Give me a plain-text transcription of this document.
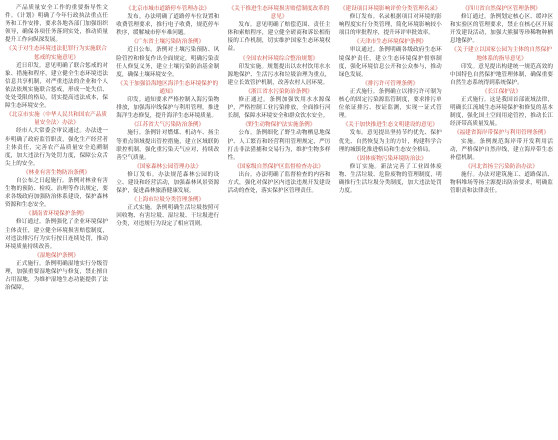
产品质量安全工作的重要指导性文件。《计划》明确了今年行政执法重点任务和工作安排，要求各地各部门加强组织领导，确保各项任务落到实处，推动质量提升工作向纵深发展。

《关于对生态环境违法犯罪行为实施联合惩戒的实施意见》
近日印发。意见明确了联合惩戒的对象、措施和程序，建立健全生态环境违法信息共享机制，对严重违法的企业和个人依法依规实施联合惩戒，形成一处失信、处处受限的格局，切实提高违法成本，保障生态环境安全。

《北京市实施〈中华人民共和国农产品质量安全法〉办法》
经市人大常委会审议通过。办法进一步明确了政府监管职责，强化生产经营者主体责任，完善农产品质量安全追溯制度，加大违法行为处罚力度，保障公众舌尖上的安全。

《林业有害生物防治条例》
自公布之日起施行。条例对林业有害生物的预防、检疫、治理等作出规定，要求各级政府加强防治体系建设，保护森林资源和生态安全。

《湖南省环境保护条例》
修订通过。条例强化了企业环境保护主体责任，建立健全环境损害赔偿制度，对违法排污行为实行按日连续处罚，推动环境质量持续改善。

《湿地保护条例》
正式施行。条例明确湿地实行分级管理，加强重要湿地保护与修复，禁止擅自占用湿地，为维护湿地生态功能提供了法治保障。

《北京市城市道路停车管理办法》
发布。办法明确了道路停车位设置和收费管理要求，推行电子收费，规范停车秩序，缓解城市停车难问题。

《广东省土壤污染防治条例》
近日公布。条例对土壤污染预防、风险管控和修复作出全面规定，明确污染责任人修复义务，建立土壤污染防治基金制度，确保土壤环境安全。

《关于加强沿海地区海洋生态环境保护的通知》
印发。通知要求严格控制入海污染物排放，加强海岸线保护与利用管理，推进海洋生态修复，提升海洋生态环境质量。

《江苏省大气污染防治条例》
施行。条例针对燃煤、机动车、扬尘等重点领域提出管控措施，建立区域联防联控机制，强化重污染天气应对，持续改善空气质量。

《国家森林公园管理办法》
修订发布。办法规范森林公园的设立、建设和经营活动，加强森林风景资源保护，促进森林旅游健康发展。

《上海市垃圾分类管理条例》
正式实施。条例明确生活垃圾按照可回收物、有害垃圾、湿垃圾、干垃圾进行分类，对违规行为设定了相应罚则。

《关于推进生态环境损害赔偿制度改革的意见》
发布。意见明确了赔偿范围、责任主体和索赔程序，建立健全磋商和诉讼相衔接的工作机制，切实维护国家生态环境权益。

《全国农村环境综合整治规划》
印发实施。规划提出以农村饮用水水源地保护、生活污水和垃圾治理为重点，建立长效管护机制，改善农村人居环境。

《浙江省水污染防治条例》
修正通过。条例加强饮用水水源保护，严格控制工业污染排放，全面推行河长制，保障水环境安全和群众饮水安全。

《野生动物保护法实施条例》
公布。条例细化了野生动物栖息地保护、人工繁育和经营利用管理规定，严厉打击非法猎捕和交易行为，维护生物多样性。

《国家级自然保护区监督检查办法》
出台。办法明确了监督检查的内容和方式，强化对保护区内违法违规开发建设活动的查处，落实保护区管理责任。

《建设项目环境影响评价分类管理名录》
修订发布。名录根据项目对环境的影响程度实行分类管理，简化环境影响较小项目的审批程序，提升环评审批效率。

《天津市生态环境保护条例》
审议通过。条例明确各级政府生态环境保护责任，建立生态环境保护督察制度，强化环境信息公开和公众参与，推动绿色发展。

《排污许可管理条例》
正式施行。条例确立以排污许可制为核心的固定污染源监管制度，要求排污单位依证排污、按证监测，实现一证式管理。

《关于加快推进生态文明建设的意见》
发布。意见提出坚持节约优先、保护优先、自然恢复为主的方针，构建科学合理的城镇化推进格局和生态安全格局。

《固体废物污染环境防治法》
修订实施。新法完善了工业固体废物、生活垃圾、危险废物的管理制度，明确推行生活垃圾分类制度，加大违法处罚力度。

《四川省自然保护区管理条例》
修订通过。条例划定核心区、缓冲区和实验区的管理要求，禁止在核心区开展开发建设活动，加强大熊猫等珍稀物种栖息地保护。

《关于建立以国家公园为主体的自然保护地体系的指导意见》
印发。意见提出构建统一规范高效的中国特色自然保护地管理体制，确保重要自然生态系统得到系统保护。

《长江保护法》
正式施行。这是我国首部流域法律，明确长江流域生态环境保护和修复的基本制度，强化国土空间用途管控，推动长江经济带高质量发展。

《福建省海岸带保护与利用管理条例》
实施。条例规范海岸带开发利用活动，严格保护自然岸线，建立海岸带生态补偿机制。

《河北省扬尘污染防治办法》
施行。办法对建筑施工、道路保洁、物料堆场等扬尘源提出防治要求，明确监管职责和法律责任。
